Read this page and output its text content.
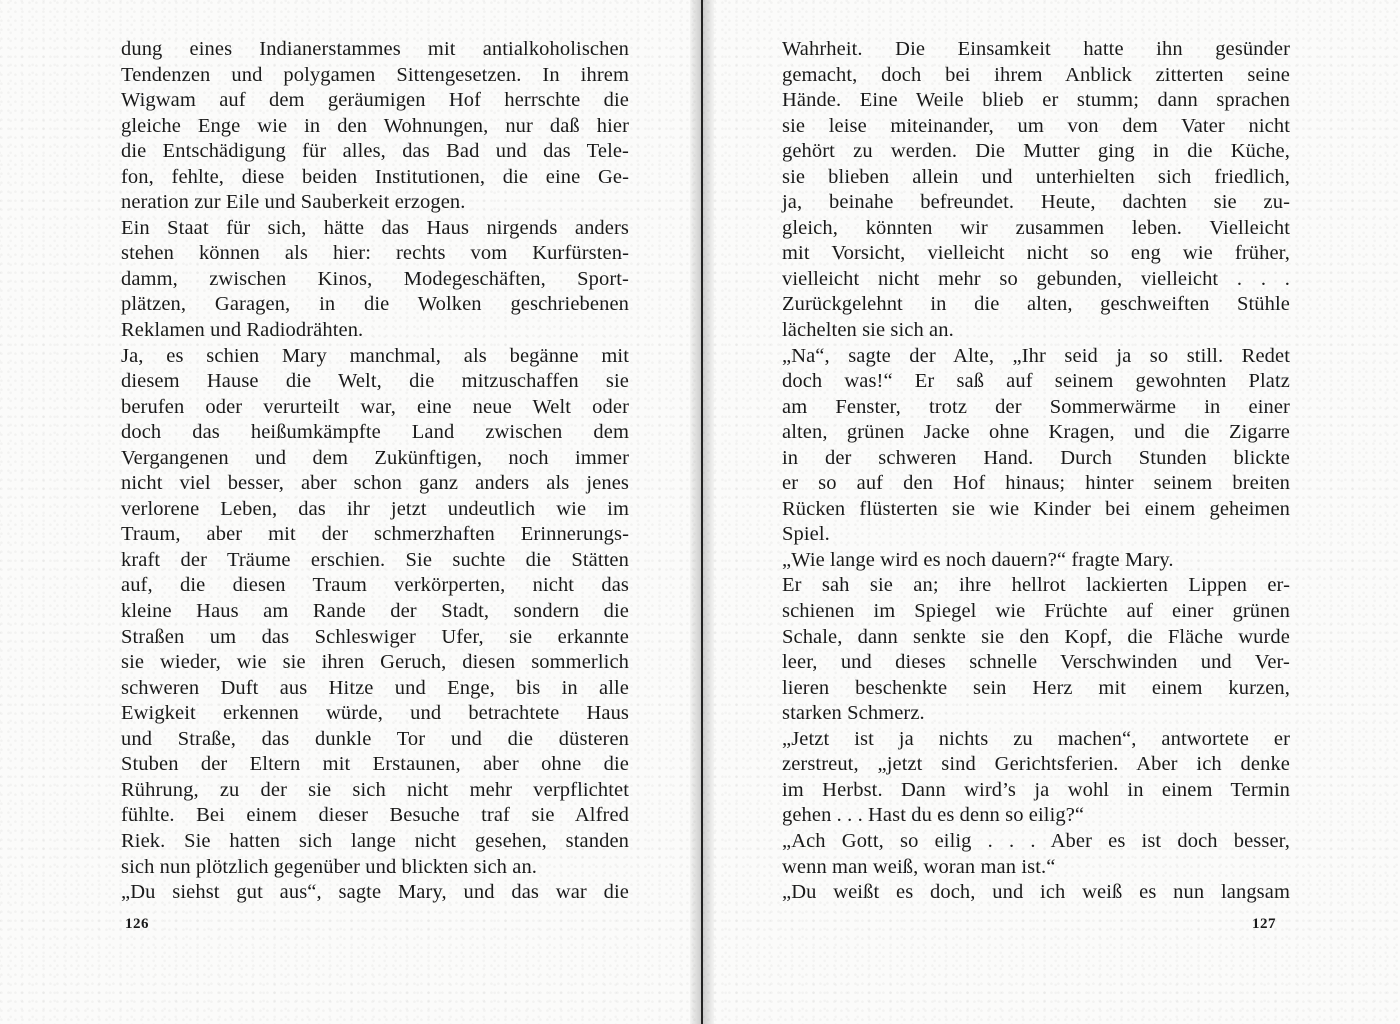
dung eines Indianerstammes mit antialkoholischen
Tendenzen und polygamen Sittengesetzen. In ihrem
Wigwam auf dem geräumigen Hof herrschte die
gleiche Enge wie in den Wohnungen, nur daß hier
die Entschädigung für alles, das Bad und das Tele-
fon, fehlte, diese beiden Institutionen, die eine Ge-
neration zur Eile und Sauberkeit erzogen.
Ein Staat für sich, hätte das Haus nirgends anders
stehen können als hier: rechts vom Kurfürsten-
damm, zwischen Kinos, Modegeschäften, Sport-
plätzen, Garagen, in die Wolken geschriebenen
Reklamen und Radiodrähten.
Ja, es schien Mary manchmal, als begänne mit
diesem Hause die Welt, die mitzuschaffen sie
berufen oder verurteilt war, eine neue Welt oder
doch das heißumkämpfte Land zwischen dem
Vergangenen und dem Zukünftigen, noch immer
nicht viel besser, aber schon ganz anders als jenes
verlorene Leben, das ihr jetzt undeutlich wie im
Traum, aber mit der schmerzhaften Erinnerungs-
kraft der Träume erschien. Sie suchte die Stätten
auf, die diesen Traum verkörperten, nicht das
kleine Haus am Rande der Stadt, sondern die
Straßen um das Schleswiger Ufer, sie erkannte
sie wieder, wie sie ihren Geruch, diesen sommerlich
schweren Duft aus Hitze und Enge, bis in alle
Ewigkeit erkennen würde, und betrachtete Haus
und Straße, das dunkle Tor und die düsteren
Stuben der Eltern mit Erstaunen, aber ohne die
Rührung, zu der sie sich nicht mehr verpflichtet
fühlte. Bei einem dieser Besuche traf sie Alfred
Riek. Sie hatten sich lange nicht gesehen, standen
sich nun plötzlich gegenüber und blickten sich an.
„Du siehst gut aus“, sagte Mary, und das war die
126
Wahrheit. Die Einsamkeit hatte ihn gesünder
gemacht, doch bei ihrem Anblick zitterten seine
Hände. Eine Weile blieb er stumm; dann sprachen
sie leise miteinander, um von dem Vater nicht
gehört zu werden. Die Mutter ging in die Küche,
sie blieben allein und unterhielten sich friedlich,
ja, beinahe befreundet. Heute, dachten sie zu-
gleich, könnten wir zusammen leben. Vielleicht
mit Vorsicht, vielleicht nicht so eng wie früher,
vielleicht nicht mehr so gebunden, vielleicht . . .
Zurückgelehnt in die alten, geschweiften Stühle
lächelten sie sich an.
„Na“, sagte der Alte, „Ihr seid ja so still. Redet
doch was!“ Er saß auf seinem gewohnten Platz
am Fenster, trotz der Sommerwärme in einer
alten, grünen Jacke ohne Kragen, und die Zigarre
in der schweren Hand. Durch Stunden blickte
er so auf den Hof hinaus; hinter seinem breiten
Rücken flüsterten sie wie Kinder bei einem geheimen
Spiel.
„Wie lange wird es noch dauern?“ fragte Mary.
Er sah sie an; ihre hellrot lackierten Lippen er-
schienen im Spiegel wie Früchte auf einer grünen
Schale, dann senkte sie den Kopf, die Fläche wurde
leer, und dieses schnelle Verschwinden und Ver-
lieren beschenkte sein Herz mit einem kurzen,
starken Schmerz.
„Jetzt ist ja nichts zu machen“, antwortete er
zerstreut, „jetzt sind Gerichtsferien. Aber ich denke
im Herbst. Dann wird’s ja wohl in einem Termin
gehen . . . Hast du es denn so eilig?“
„Ach Gott, so eilig . . . Aber es ist doch besser,
wenn man weiß, woran man ist.“
„Du weißt es doch, und ich weiß es nun langsam
127
